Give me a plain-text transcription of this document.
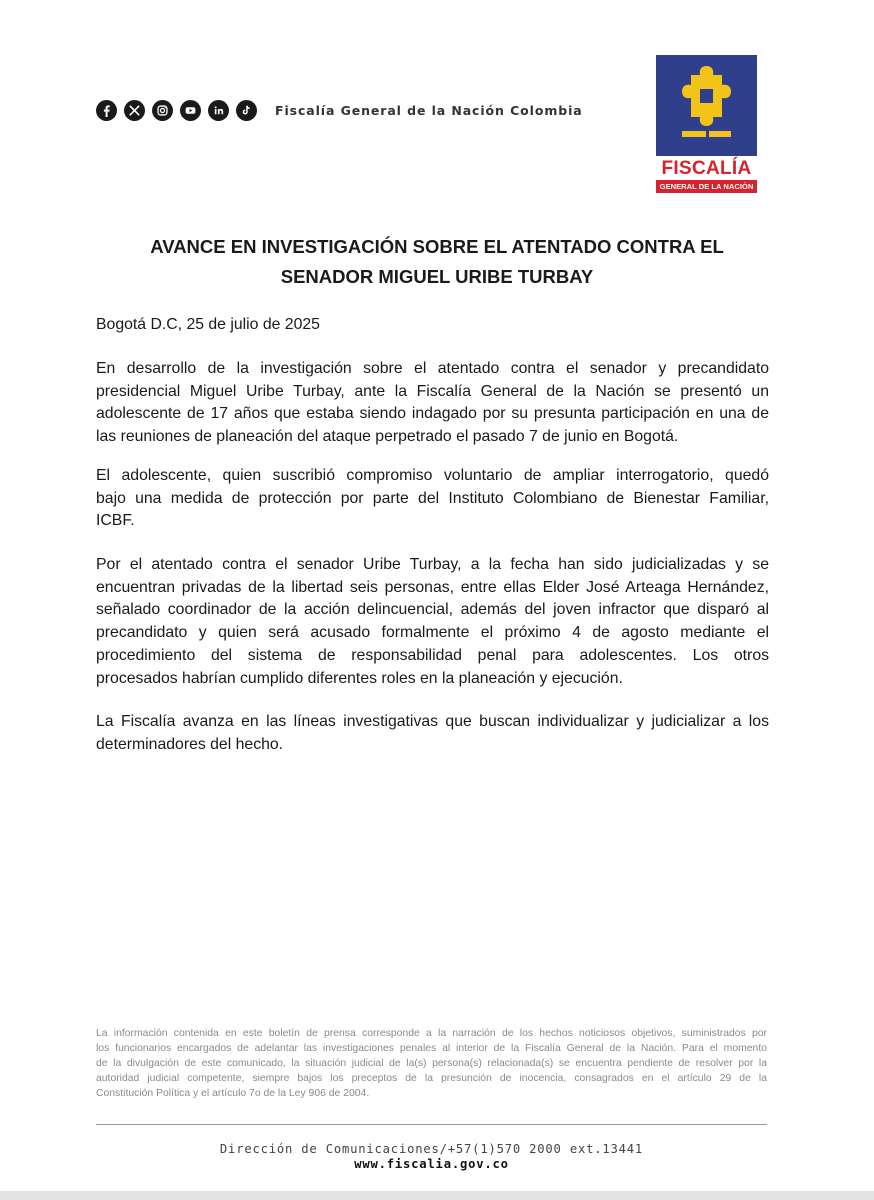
Fiscalía General de la Nación Colombia
FISCALÍA
GENERAL DE LA NACIÓN
AVANCE EN INVESTIGACIÓN SOBRE EL ATENTADO CONTRA EL
SENADOR MIGUEL URIBE TURBAY
Bogotá D.C, 25 de julio de 2025
En desarrollo de la investigación sobre el atentado contra el senador y precandidato
presidencial Miguel Uribe Turbay, ante la Fiscalía General de la Nación se presentó un
adolescente de 17 años que estaba siendo indagado por su presunta participación en una de
las reuniones de planeación del ataque perpetrado el pasado 7 de junio en Bogotá.
El adolescente, quien suscribió compromiso voluntario de ampliar interrogatorio, quedó
bajo una medida de protección por parte del Instituto Colombiano de Bienestar Familiar,
ICBF.
Por el atentado contra el senador Uribe Turbay, a la fecha han sido judicializadas y se
encuentran privadas de la libertad seis personas, entre ellas Elder José Arteaga Hernández,
señalado coordinador de la acción delincuencial, además del joven infractor que disparó al
precandidato y quien será acusado formalmente el próximo 4 de agosto mediante el
procedimiento del sistema de responsabilidad penal para adolescentes. Los otros
procesados habrían cumplido diferentes roles en la planeación y ejecución.
La Fiscalía avanza en las líneas investigativas que buscan individualizar y judicializar a los
determinadores del hecho.
La información contenida en este boletín de prensa corresponde a la narración de los hechos noticiosos objetivos, suministrados por
los funcionarios encargados de adelantar las investigaciones penales al interior de la Fiscalía General de la Nación. Para el momento
de la divulgación de este comunicado, la situación judicial de la(s) persona(s) relacionada(s) se encuentra pendiente de resolver por la
autoridad judicial competente, siempre bajos los preceptos de la presunción de inocencia, consagrados en el artículo 29 de la
Constitución Política y el artículo 7o de la Ley 906 de 2004.
Dirección de Comunicaciones/+57(1)570 2000 ext.13441
www.fiscalia.gov.co
